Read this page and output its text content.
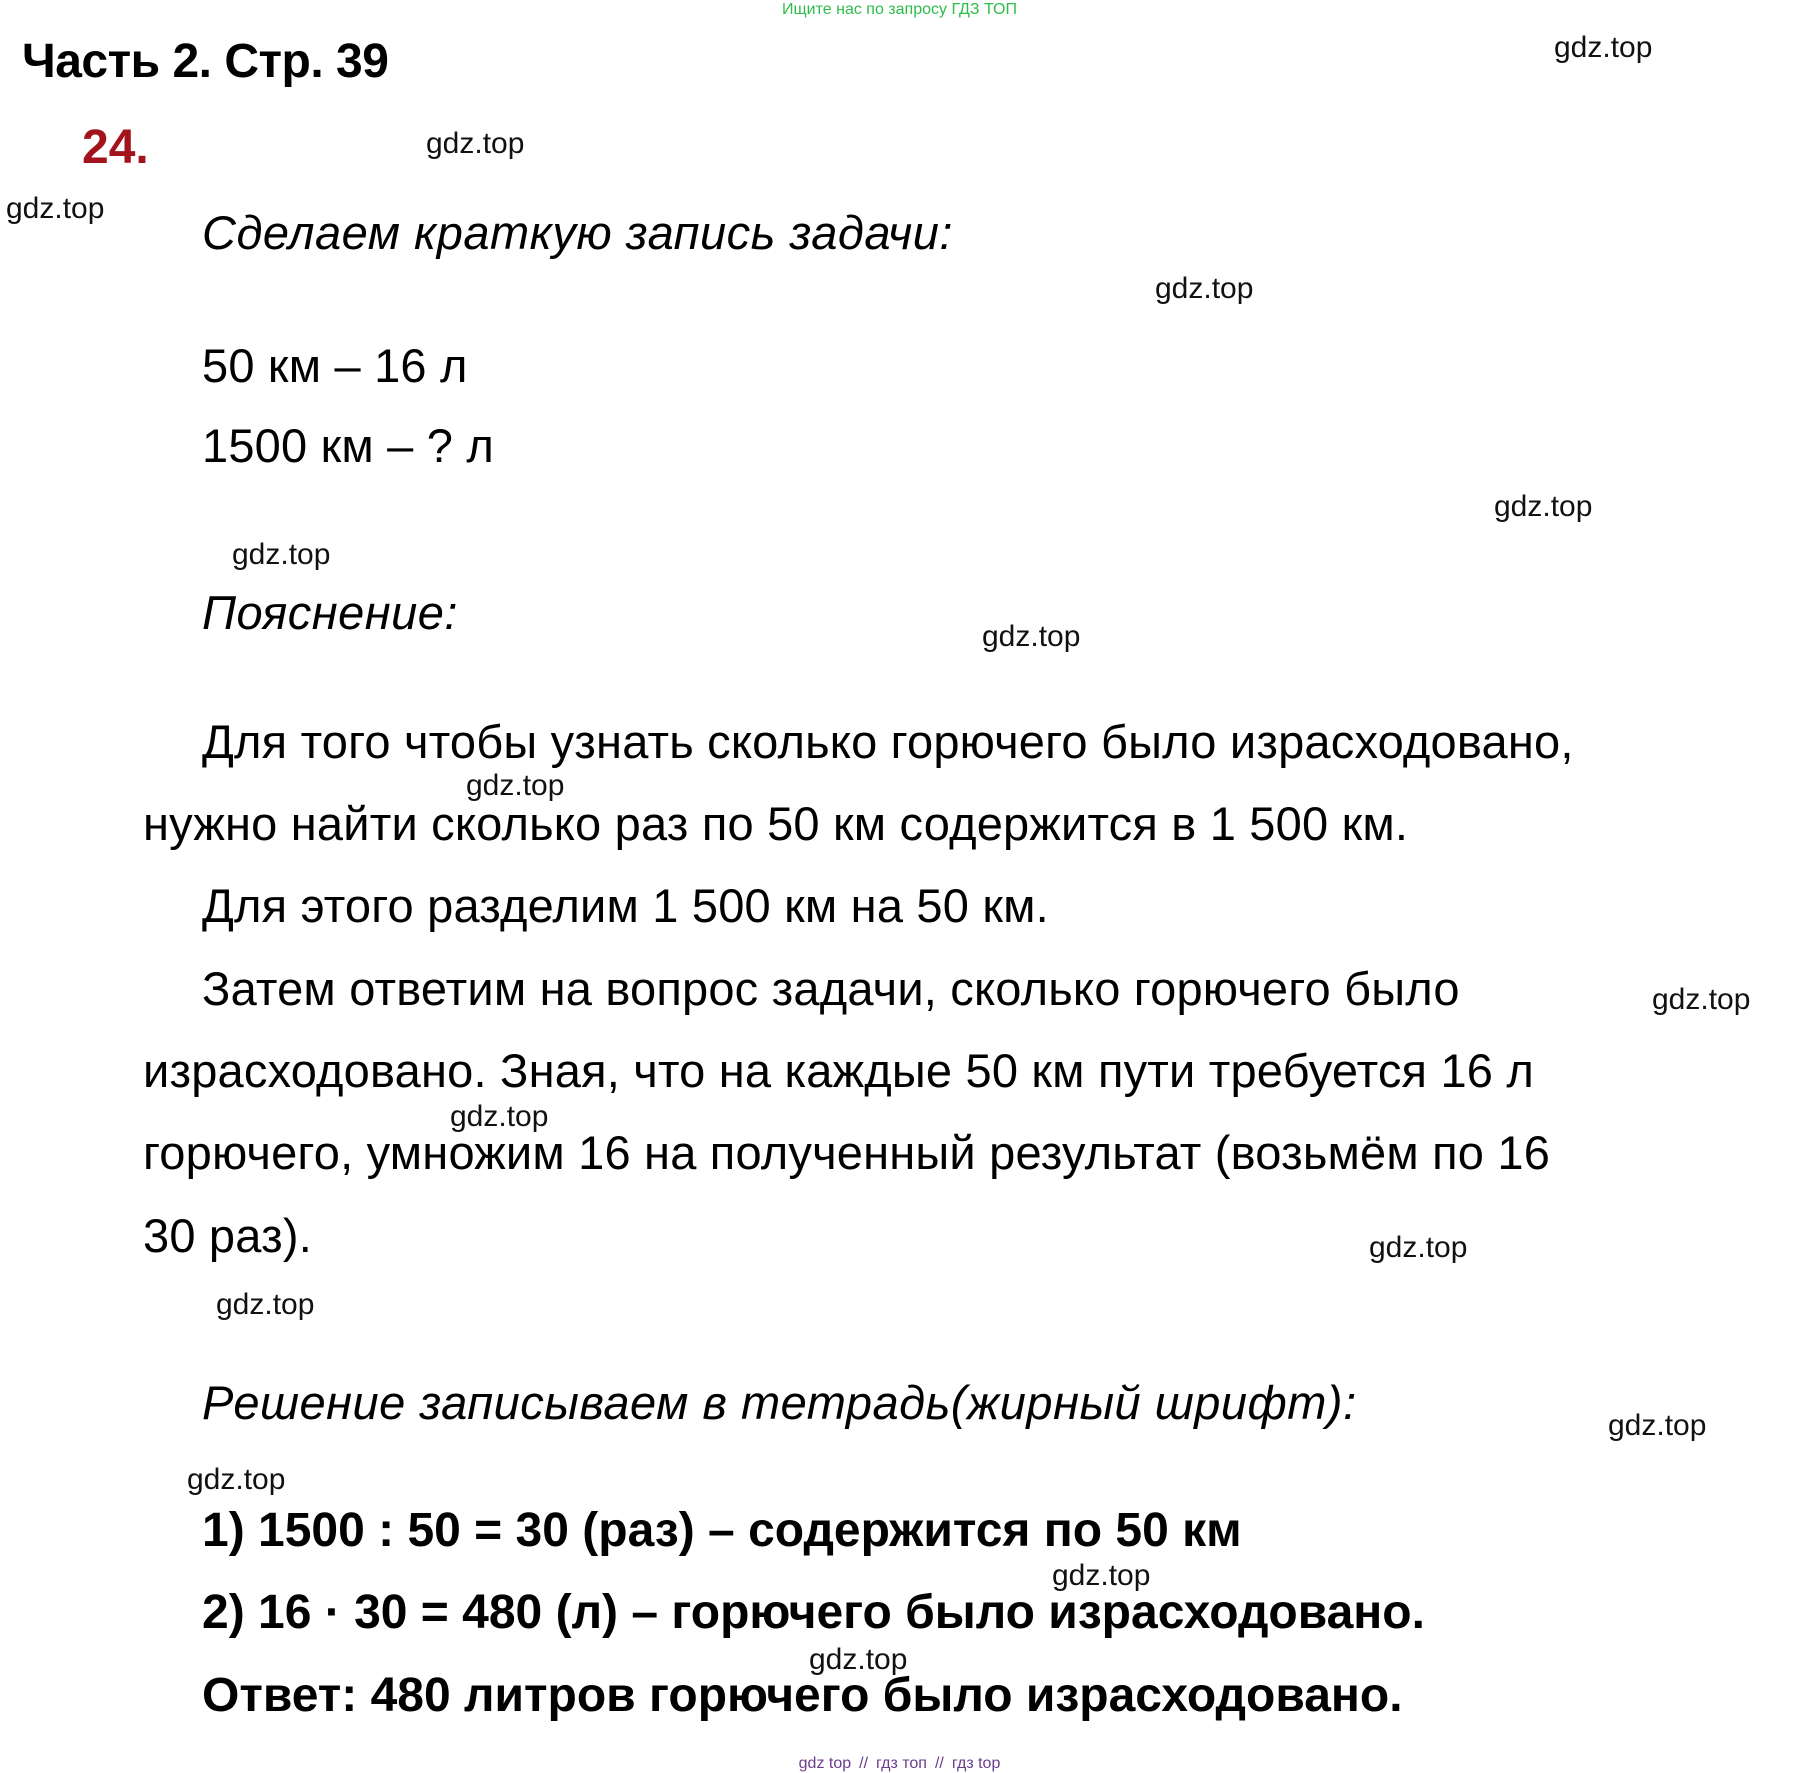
Ищите нас по запросу ГДЗ ТОП
Часть 2. Стр. 39
24.
Сделаем краткую запись задачи:
50 км – 16 л
1500 км – ? л
Пояснение:
Для того чтобы узнать сколько горючего было израсходовано,
нужно найти сколько раз по 50 км содержится в 1 500 км.
Для этого разделим 1 500 км на 50 км.
Затем ответим на вопрос задачи, сколько горючего было
израсходовано. Зная, что на каждые 50 км пути требуется 16 л
горючего, умножим 16 на полученный результат (возьмём по 16
30 раз).
Решение записываем в тетрадь(жирный шрифт):
1) 1500 : 50 = 30 (раз) – содержится по 50 км
2) 16 · 30 = 480 (л) – горючего было израсходовано.
Ответ: 480 литров горючего было израсходовано.
gdz.top
gdz.top
gdz.top
gdz.top
gdz.top
gdz.top
gdz.top
gdz.top
gdz.top
gdz.top
gdz.top
gdz.top
gdz.top
gdz.top
gdz.top
gdz.top
gdz top // гдз топ // гдз top
